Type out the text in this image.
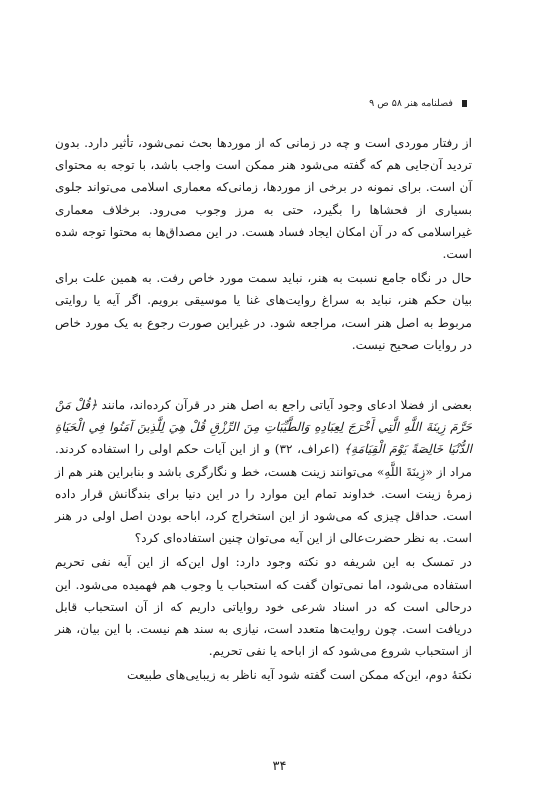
فصلنامه هنر ۵۸ ص ۹

از رفتار موردی است و چه در زمانی که از موردها بحث نمی‌شود، تأثیر دارد. بدون تردید آن‌جایی هم که گفته می‌شود هنر ممکن است واجب باشد، با توجه به محتوای آن است. برای نمونه در برخی از موردها، زمانی‌که معماری اسلامی می‌تواند جلوی بسیاری از فحشاها را بگیرد، حتی به مرز وجوب می‌رود. برخلاف معماری غیراسلامی که در آن امکان ایجاد فساد هست. در این مصداق‌ها به محتوا توجه شده است.

حال در نگاه جامع نسبت به هنر، نباید سمت مورد خاص رفت. به همین علت برای بیان حکم هنر، نباید به سراغ روایت‌های غنا یا موسیقی برویم. اگر آیه یا روایتی مربوط به اصل هنر است، مراجعه شود. در غیراین صورت رجوع به یک مورد خاص در روایات صحیح نیست.

بعضی از فضلا ادعای وجود آیاتی راجع به اصل هنر در قرآن کرده‌اند، مانند ﴿قُلْ مَنْ حَرَّمَ زِينَةَ اللَّهِ الَّتِي أَخْرَجَ لِعِبَادِهِ وَالطَّيِّبَاتِ مِنَ الرِّزْقِ قُلْ هِيَ لِلَّذِينَ آمَنُوا فِي الْحَيَاةِ الدُّنْيَا خَالِصَةً يَوْمَ الْقِيَامَةِ﴾ (اعراف، ۳۲) و از این آیات حکم اولی را استفاده کردند. مراد از «زِينَةَ اللَّهِ» می‌توانند زینت هست، خط و نگارگری باشد و بنابراین هنر هم از زمرهٔ زینت است. خداوند تمام این موارد را در این دنیا برای بندگانش قرار داده است. حداقل چیزی که می‌شود از این استخراج کرد، اباحه بودن اصل اولی در هنر است. به نظر حضرت‌عالی از این آیه می‌توان چنین استفاده‌ای کرد؟

در تمسک به این شریفه دو نکته وجود دارد: اول این‌که از این آیه نفی تحریم استفاده می‌شود، اما نمی‌توان گفت که استحباب یا وجوب هم فهمیده می‌شود. این درحالی است که در اسناد شرعی خود روایاتی داریم که از آن استحباب قابل دریافت است. چون روایت‌ها متعدد است، نیازی به سند هم نیست. با این بیان، هنر از استحباب شروع می‌شود که از اباحه یا نفی تحریم.

نکتهٔ دوم، این‌که ممکن است گفته شود آیه ناظر به زیبایی‌های طبیعت

۳۴
